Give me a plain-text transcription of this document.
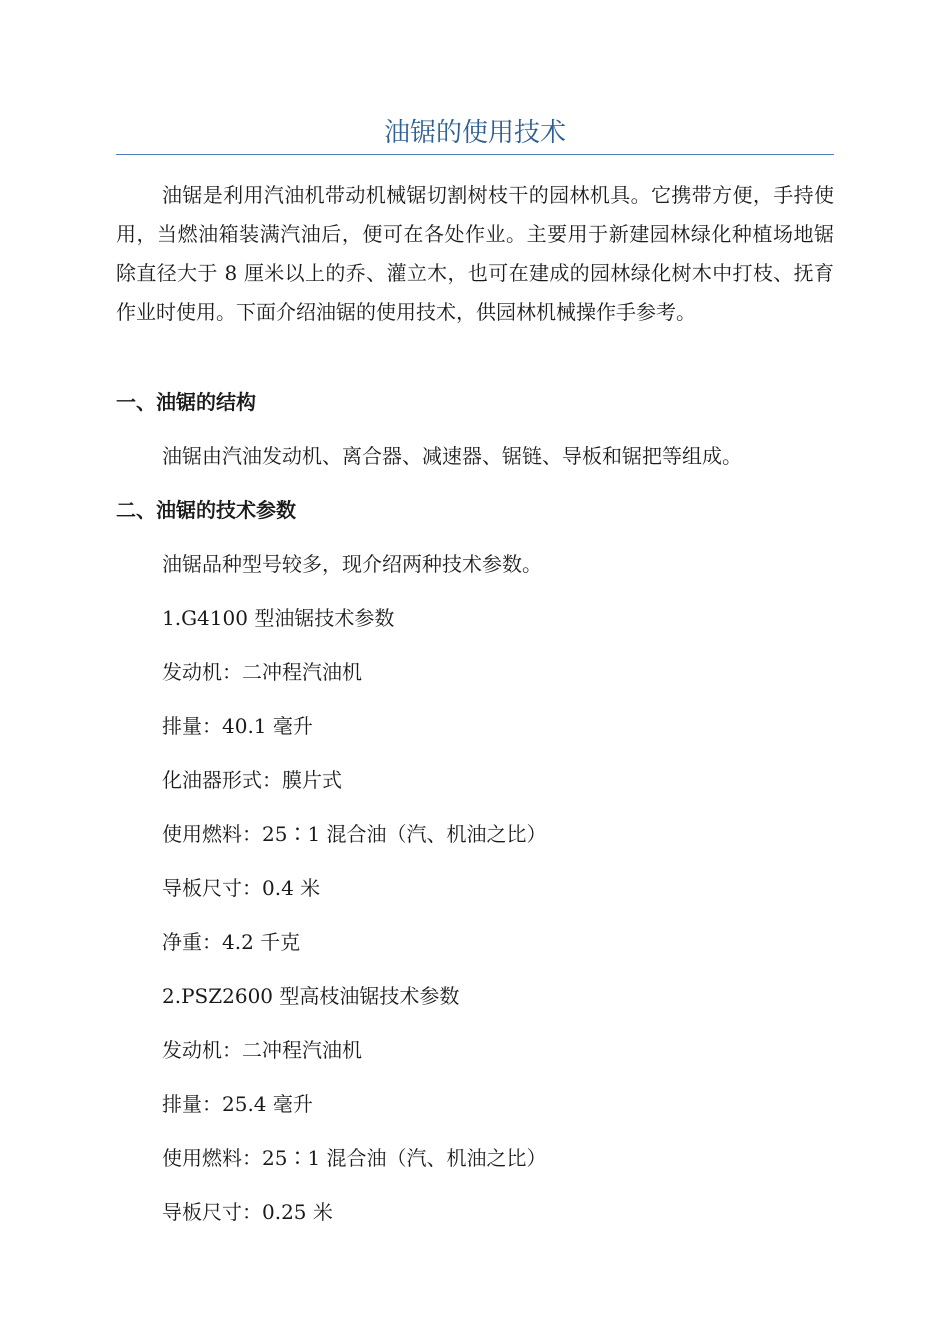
油锯的使用技术

油锯是利用汽油机带动机械锯切割树枝干的园林机具。它携带方便，手持使用，当燃油箱装满汽油后，便可在各处作业。主要用于新建园林绿化种植场地锯除直径大于 8 厘米以上的乔、灌立木，也可在建成的园林绿化树木中打枝、抚育作业时使用。下面介绍油锯的使用技术，供园林机械操作手参考。

一、油锯的结构
油锯由汽油发动机、离合器、减速器、锯链、导板和锯把等组成。
二、油锯的技术参数
油锯品种型号较多，现介绍两种技术参数。
1.G4100 型油锯技术参数
发动机：二冲程汽油机
排量：40.1 毫升
化油器形式：膜片式
使用燃料：25∶1 混合油（汽、机油之比）
导板尺寸：0.4 米
净重：4.2 千克
2.PSZ2600 型高枝油锯技术参数
发动机：二冲程汽油机
排量：25.4 毫升
使用燃料：25∶1 混合油（汽、机油之比）
导板尺寸：0.25 米
